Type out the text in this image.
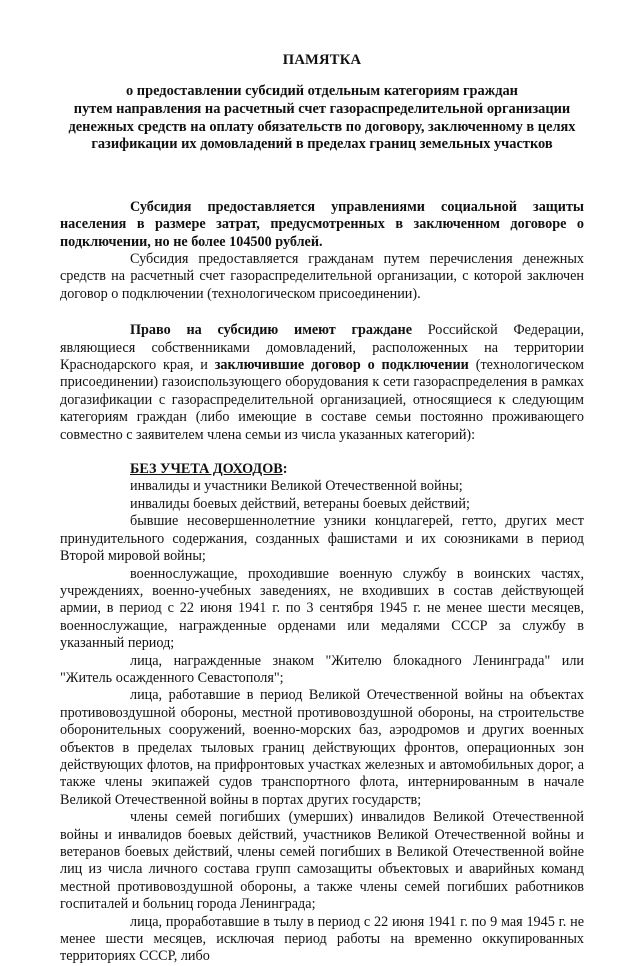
ПАМЯТКА
о предоставлении субсидий отдельным категориям граждан
путем направления на расчетный счет газораспределительной организации
денежных средств на оплату обязательств по договору, заключенному в целях
газификации их домовладений в пределах границ земельных участков

Субсидия предоставляется управлениями социальной защиты населения в размере затрат, предусмотренных в заключенном договоре о подключении, но не более 104500 рублей.

Субсидия предоставляется гражданам путем перечисления денежных средств на расчетный счет газораспределительной организации, с которой заключен договор о подключении (технологическом присоединении).

Право на субсидию имеют граждане Российской Федерации, являющиеся собственниками домовладений, расположенных на территории Краснодарского края, и заключившие договор о подключении (технологическом присоединении) газоиспользующего оборудования к сети газораспределения в рамках догазификации с газораспределительной организацией, относящиеся к следующим категориям граждан (либо имеющие в составе семьи постоянно проживающего совместно с заявителем члена семьи из числа указанных категорий):

БЕЗ УЧЕТА ДОХОДОВ:

инвалиды и участники Великой Отечественной войны;

инвалиды боевых действий, ветераны боевых действий;

бывшие несовершеннолетние узники концлагерей, гетто, других мест принудительного содержания, созданных фашистами и их союзниками в период Второй мировой войны;

военнослужащие, проходившие военную службу в воинских частях, учреждениях, военно-учебных заведениях, не входивших в состав действующей армии, в период с 22 июня 1941 г. по 3 сентября 1945 г. не менее шести месяцев, военнослужащие, награжденные орденами или медалями СССР за службу в указанный период;

лица, награжденные знаком "Жителю блокадного Ленинграда" или "Житель осажденного Севастополя";

лица, работавшие в период Великой Отечественной войны на объектах противовоздушной обороны, местной противовоздушной обороны, на строительстве оборонительных сооружений, военно-морских баз, аэродромов и других военных объектов в пределах тыловых границ действующих фронтов, операционных зон действующих флотов, на прифронтовых участках железных и автомобильных дорог, а также члены экипажей судов транспортного флота, интернированным в начале Великой Отечественной войны в портах других государств;

члены семей погибших (умерших) инвалидов Великой Отечественной войны и инвалидов боевых действий, участников Великой Отечественной войны и ветеранов боевых действий, члены семей погибших в Великой Отечественной войне лиц из числа личного состава групп самозащиты объектовых и аварийных команд местной противовоздушной обороны, а также члены семей погибших работников госпиталей и больниц города Ленинграда;

лица, проработавшие в тылу в период с 22 июня 1941 г. по 9 мая 1945 г. не менее шести месяцев, исключая период работы на временно оккупированных территориях СССР, либо
